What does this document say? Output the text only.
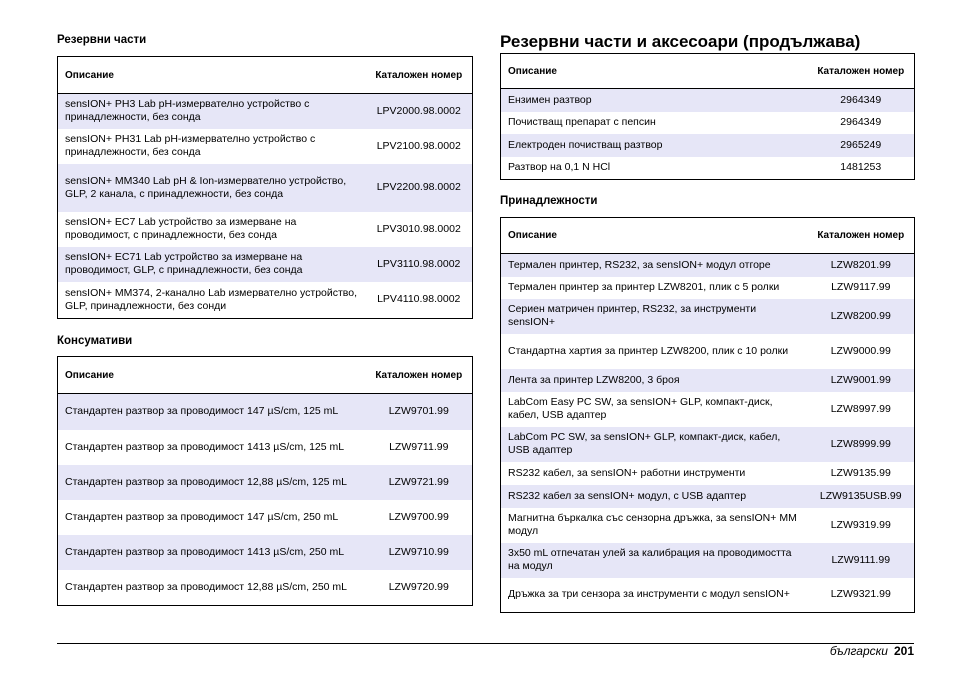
Резервни части
Описание	Каталожен номер
sensION+ PH3 Lab pH-измервателно устройство с принадлежности, без сонда	LPV2000.98.0002
sensION+ PH31 Lab pH-измервателно устройство с принадлежности, без сонда	LPV2100.98.0002
sensION+ MM340 Lab pH & Ion-измервателно устройство, GLP, 2 канала, с принадлежности, без сонда	LPV2200.98.0002
sensION+ EC7 Lab устройство за измерване на проводимост, с принадлежности, без сонда	LPV3010.98.0002
sensION+ EC71 Lab устройство за измерване на проводимост, GLP, с принадлежности, без сонда	LPV3110.98.0002
sensION+ MM374, 2-канално Lab измервателно устройство, GLP, принадлежности, без сонди	LPV4110.98.0002
Консумативи
Описание	Каталожен номер
Стандартен разтвор за проводимост 147 µS/cm, 125 mL	LZW9701.99
Стандартен разтвор за проводимост 1413 µS/cm, 125 mL	LZW9711.99
Стандартен разтвор за проводимост 12,88 µS/cm, 125 mL	LZW9721.99
Стандартен разтвор за проводимост 147 µS/cm, 250 mL	LZW9700.99
Стандартен разтвор за проводимост 1413 µS/cm, 250 mL	LZW9710.99
Стандартен разтвор за проводимост 12,88 µS/cm, 250 mL	LZW9720.99
Резервни части и аксесоари (продължава)
Описание	Каталожен номер
Ензимен разтвор	2964349
Почистващ препарат с пепсин	2964349
Електроден почистващ разтвор	2965249
Разтвор на 0,1 N HCl	1481253
Принадлежности
Описание	Каталожен номер
Термален принтер, RS232, за sensION+ модул отгоре	LZW8201.99
Термален принтер за принтер LZW8201, плик с 5 ролки	LZW9117.99
Сериен матричен принтер, RS232, за инструменти sensION+	LZW8200.99
Стандартна хартия за принтер LZW8200, плик с 10 ролки	LZW9000.99
Лента за принтер LZW8200, 3 броя	LZW9001.99
LabCom Easy PC SW, за sensION+ GLP, компакт-диск, кабел, USB адаптер	LZW8997.99
LabCom PC SW, за sensION+ GLP, компакт-диск, кабел, USB адаптер	LZW8999.99
RS232 кабел, за sensION+ работни инструменти	LZW9135.99
RS232 кабел за sensION+ модул, с USB адаптер	LZW9135USB.99
Магнитна бъркалка със сензорна дръжка, за sensION+ MM модул	LZW9319.99
3x50 mL отпечатан улей за калибрация на проводимостта на модул	LZW9111.99
Дръжка за три сензора за инструменти с модул sensION+	LZW9321.99
български 201
